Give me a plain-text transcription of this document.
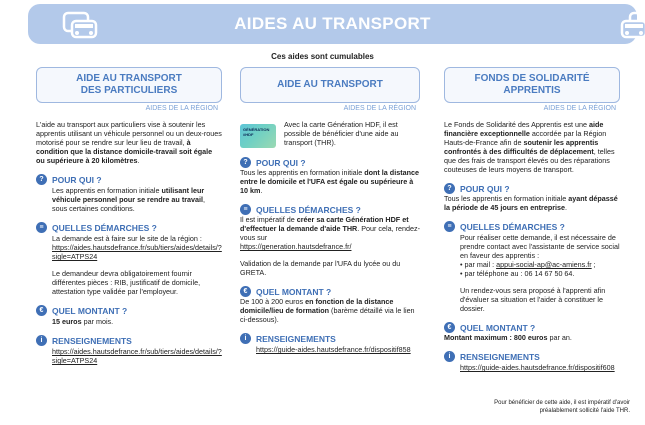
AIDES AU TRANSPORT
Ces aides sont cumulables
AIDE AU TRANSPORT
DES PARTICULIERS
AIDES DE LA RÉGION
L'aide au transport aux particuliers vise à soutenir les apprentis utilisant un véhicule personnel ou un deux-roues motorisé pour se rendre sur leur lieu de travail, à condition que la distance domicile-travail soit égale ou supérieure à 20 kilomètres.
? POUR QUI ?
Les apprentis en formation initiale utilisant leur véhicule personnel pour se rendre au travail, sous certaines conditions.
≡ QUELLES DÉMARCHES ?
La demande est à faire sur le site de la région :
https://aides.hautsdefrance.fr/sub/tiers/aides/details/?sigle=ATPS24
Le demandeur devra obligatoirement fournir différentes pièces : RIB, justificatif de domicile, attestation type validée par l'employeur.
€	QUEL MONTANT ?
15 euros par mois.
i	RENSEIGNEMENTS
https://aides.hautsdefrance.fr/sub/tiers/aides/details/?sigle=ATPS24
AIDE AU TRANSPORT
AIDES DE LA RÉGION
GÉNÉRATION #HDF
Avec la carte Génération HDF, il est possible de bénéficier d'une aide au transport (THR).
? POUR QUI ?
Tous les apprentis en formation initiale dont la distance entre le domicile et l'UFA est égale ou supérieure à 10 km.
≡ QUELLES DÉMARCHES ?
Il est impératif de créer sa carte Génération HDF et d'effectuer la demande d'aide THR. Pour cela, rendez-vous sur
https://generation.hautsdefrance.fr/
Validation de la demande par l'UFA du lycée ou du GRETA.
€	QUEL MONTANT ?
De 100 à 200 euros en fonction de la distance domicile/lieu de formation (barème détaillé via le lien ci-dessous).
i	RENSEIGNEMENTS
https://guide-aides.hautsdefrance.fr/dispositif858
FONDS DE SOLIDARITÉ
APPRENTIS
AIDES DE LA RÉGION
Le Fonds de Solidarité des Apprentis est une aide financière exceptionnelle accordée par la Région Hauts-de-France afin de soutenir les apprentis confrontés à des difficultés de déplacement, telles que des frais de transport élevés ou des réparations couteuses de leurs moyens de transport.
? POUR QUI ?
Tous les apprentis en formation initiale ayant dépassé la période de 45 jours en entreprise.
≡ QUELLES DÉMARCHES ?
Pour réaliser cette demande, il est nécessaire de prendre contact avec l'assistante de service social en faveur des apprentis :
• par mail : appui-social-ap@ac-amiens.fr ;
• par téléphone au : 06 14 67 50 64.
Un rendez-vous sera proposé à l'apprenti afin d'évaluer sa situation et l'aider à constituer le dossier.
€	QUEL MONTANT ?
Montant maximum : 800 euros par an.
i	RENSEIGNEMENTS
https://guide-aides.hautsdefrance.fr/dispositif608
Pour bénéficier de cette aide, il est impératif d'avoir préalablement sollicité l'aide THR.
